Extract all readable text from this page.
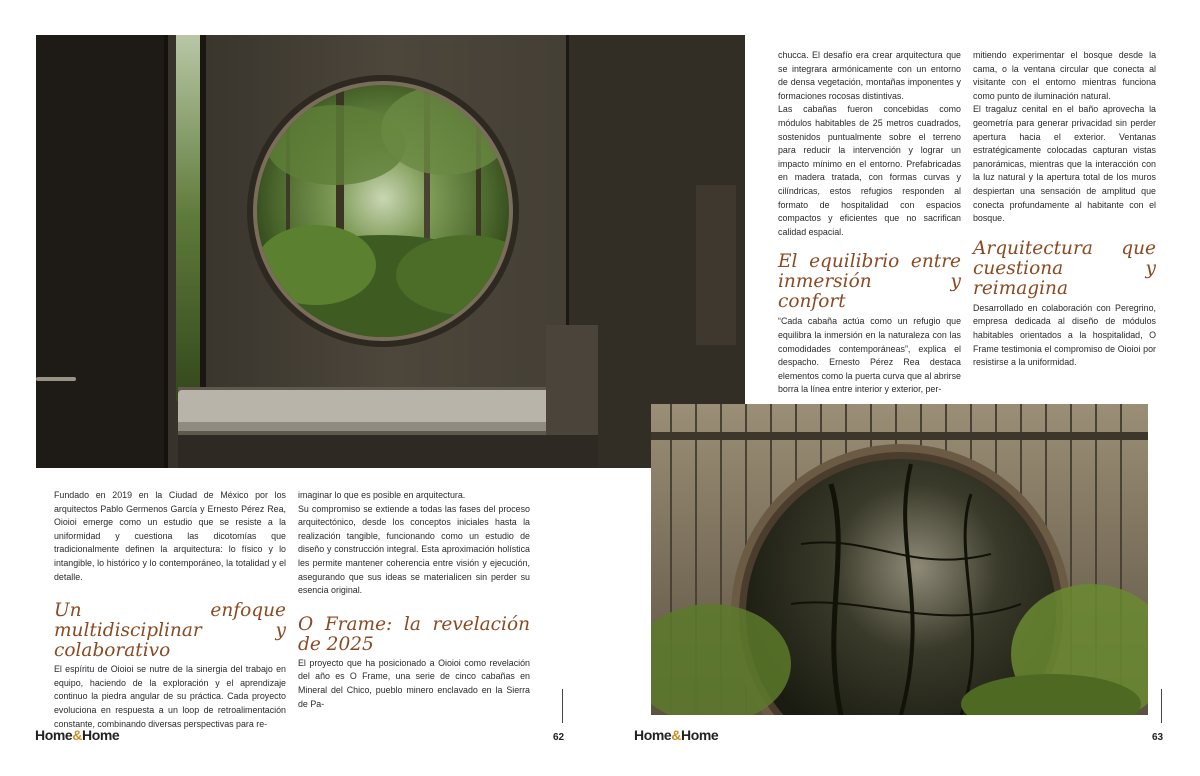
chucca. El desafío era crear arquitectura que se integrara armónicamente con un entorno de densa vegetación, montañas imponentes y formaciones rocosas distintivas.

Las cabañas fueron concebidas como módulos habitables de 25 metros cuadrados, sostenidos puntualmente sobre el terreno para reducir la intervención y lograr un impacto mínimo en el entorno. Prefabricadas en madera tratada, con formas curvas y cilíndricas, estos refugios responden al formato de hospitalidad con espacios compactos y eficientes que no sacrifican calidad espacial.

El equilibrio entre inmersión y confort

“Cada cabaña actúa como un refugio que equilibra la inmersión en la naturaleza con las comodidades contemporáneas”, explica el despacho. Ernesto Pérez Rea destaca elementos como la puerta curva que al abrirse borra la línea entre interior y exterior, per-

mitiendo experimentar el bosque desde la cama, o la ventana circular que conecta al visitante con el entorno mientras funciona como punto de iluminación natural.

El tragaluz cenital en el baño aprovecha la geometría para generar privacidad sin perder apertura hacia el exterior. Ventanas estratégicamente colocadas capturan vistas panorámicas, mientras que la interacción con la luz natural y la apertura total de los muros despiertan una sensación de amplitud que conecta profundamente al habitante con el bosque.

Arquitectura que cuestiona y reimagina

Desarrollado en colaboración con Peregrino, empresa dedicada al diseño de módulos habitables orientados a la hospitalidad, O Frame testimonia el compromiso de Oioioi por resistirse a la uniformidad.

Fundado en 2019 en la Ciudad de México por los arquitectos Pablo Germenos García y Ernesto Pérez Rea, Oioioi emerge como un estudio que se resiste a la uniformidad y cuestiona las dicotomías que tradicionalmente definen la arquitectura: lo físico y lo intangible, lo histórico y lo contemporáneo, la totalidad y el detalle.

Un enfoque multidisciplinar y colaborativo

El espíritu de Oioioi se nutre de la sinergia del trabajo en equipo, haciendo de la exploración y el aprendizaje continuo la piedra angular de su práctica. Cada proyecto evoluciona en respuesta a un loop de retroalimentación constante, combinando diversas perspectivas para re-

imaginar lo que es posible en arquitectura.

Su compromiso se extiende a todas las fases del proceso arquitectónico, desde los conceptos iniciales hasta la realización tangible, funcionando como un estudio de diseño y construcción integral. Esta aproximación holística les permite mantener coherencia entre visión y ejecución, asegurando que sus ideas se materialicen sin perder su esencia original.

O Frame: la revelación de 2025

El proyecto que ha posicionado a Oioioi como revelación del año es O Frame, una serie de cinco cabañas en Mineral del Chico, pueblo minero enclavado en la Sierra de Pa-

Home&Home	62	Home&Home	63
